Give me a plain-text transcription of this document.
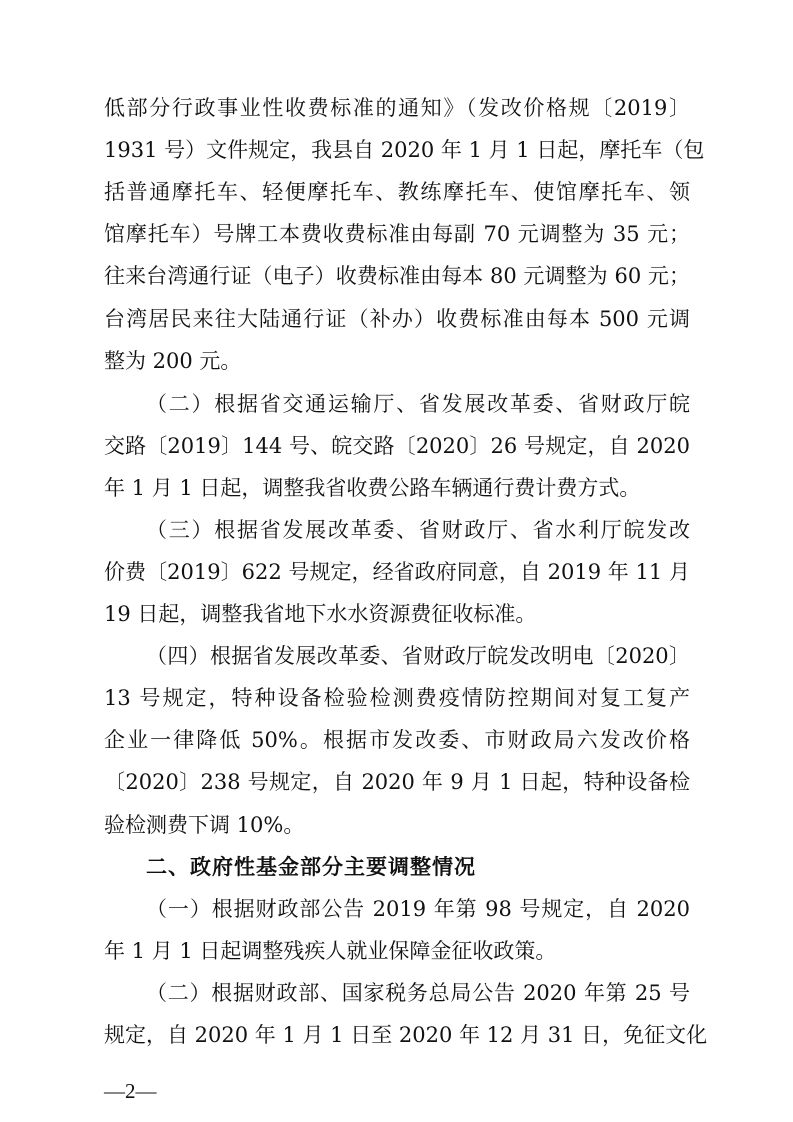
低部分行政事业性收费标准的通知》（发改价格规〔2019〕
1931 号）文件规定，我县自 2020 年 1 月 1 日起，摩托车（包
括普通摩托车、轻便摩托车、教练摩托车、使馆摩托车、领
馆摩托车）号牌工本费收费标准由每副 70 元调整为 35 元；
往来台湾通行证（电子）收费标准由每本 80 元调整为 60 元；
台湾居民来往大陆通行证（补办）收费标准由每本 500 元调
整为 200 元。
（二）根据省交通运输厅、省发展改革委、省财政厅皖
交路〔2019〕144 号、皖交路〔2020〕26 号规定，自 2020
年 1 月 1 日起，调整我省收费公路车辆通行费计费方式。
（三）根据省发展改革委、省财政厅、省水利厅皖发改
价费〔2019〕622 号规定，经省政府同意，自 2019 年 11 月
19 日起，调整我省地下水水资源费征收标准。
（四）根据省发展改革委、省财政厅皖发改明电〔2020〕
13 号规定，特种设备检验检测费疫情防控期间对复工复产
企业一律降低 50%。根据市发改委、市财政局六发改价格
〔2020〕238 号规定，自 2020 年 9 月 1 日起，特种设备检
验检测费下调 10%。
二、政府性基金部分主要调整情况
（一）根据财政部公告 2019 年第 98 号规定，自 2020
年 1 月 1 日起调整残疾人就业保障金征收政策。
（二）根据财政部、国家税务总局公告 2020 年第 25 号
规定，自 2020 年 1 月 1 日至 2020 年 12 月 31 日，免征文化
—2—
